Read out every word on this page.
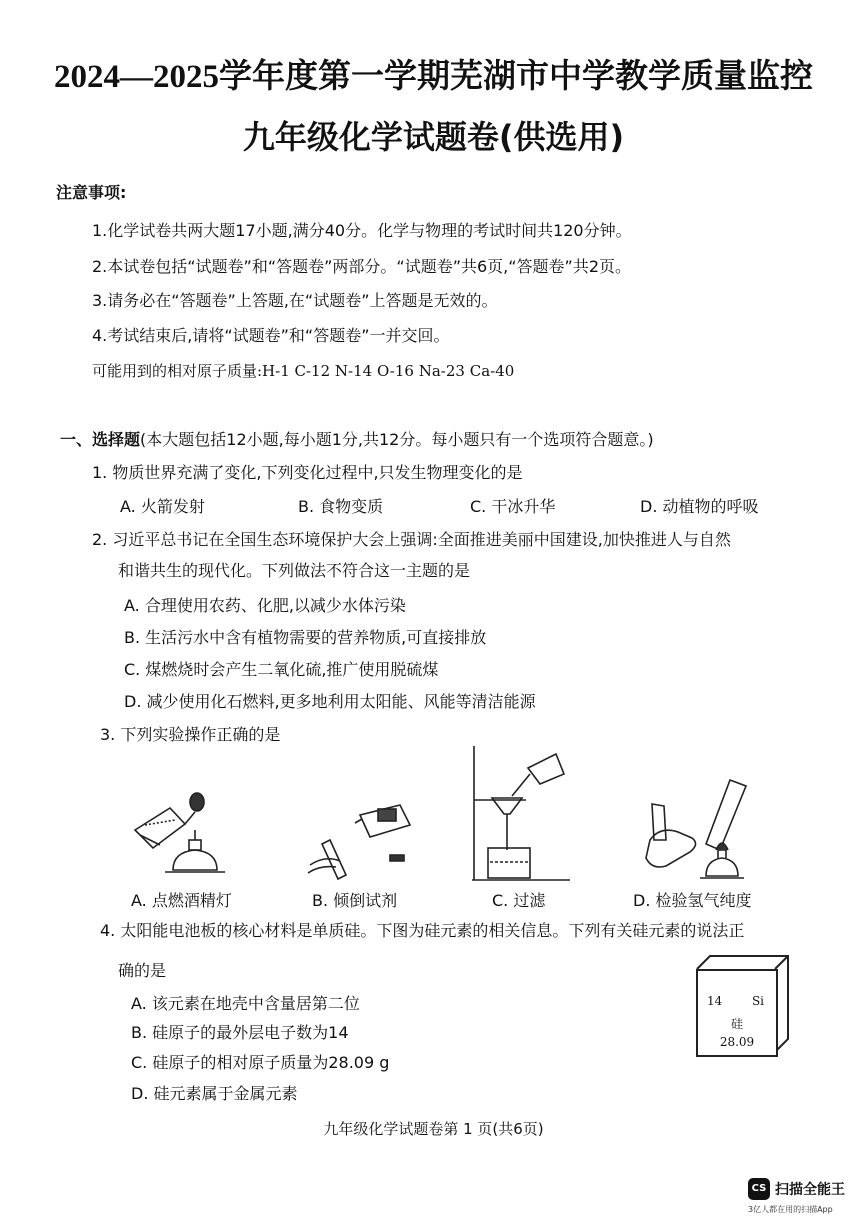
2024—2025学年度第一学期芜湖市中学教学质量监控
九年级化学试题卷(供选用)
注意事项:
1.化学试卷共两大题17小题,满分40分。化学与物理的考试时间共120分钟。
2.本试卷包括“试题卷”和“答题卷”两部分。“试题卷”共6页,“答题卷”共2页。
3.请务必在“答题卷”上答题,在“试题卷”上答题是无效的。
4.考试结束后,请将“试题卷”和“答题卷”一并交回。
可能用到的相对原子质量:H-1 C-12 N-14 O-16 Na-23 Ca-40
一、选择题(本大题包括12小题,每小题1分,共12分。每小题只有一个选项符合题意。)
1. 物质世界充满了变化,下列变化过程中,只发生物理变化的是
A. 火箭发射	B. 食物变质	C. 干冰升华	D. 动植物的呼吸
2. 习近平总书记在全国生态环境保护大会上强调:全面推进美丽中国建设,加快推进人与自然
和谐共生的现代化。下列做法不符合这一主题的是
A. 合理使用农药、化肥,以减少水体污染
B. 生活污水中含有植物需要的营养物质,可直接排放
C. 煤燃烧时会产生二氧化硫,推广使用脱硫煤
D. 减少使用化石燃料,更多地利用太阳能、风能等清洁能源
3. 下列实验操作正确的是
A. 点燃酒精灯	B. 倾倒试剂	C. 过滤	D. 检验氢气纯度
4. 太阳能电池板的核心材料是单质硅。下图为硅元素的相关信息。下列有关硅元素的说法正
确的是
A. 该元素在地壳中含量居第二位
B. 硅原子的最外层电子数为14
C. 硅原子的相对原子质量为28.09 g
D. 硅元素属于金属元素
14 Si
硅
28.09
九年级化学试题卷第 1 页(共6页)
CS 扫描全能王
3亿人都在用的扫描App
